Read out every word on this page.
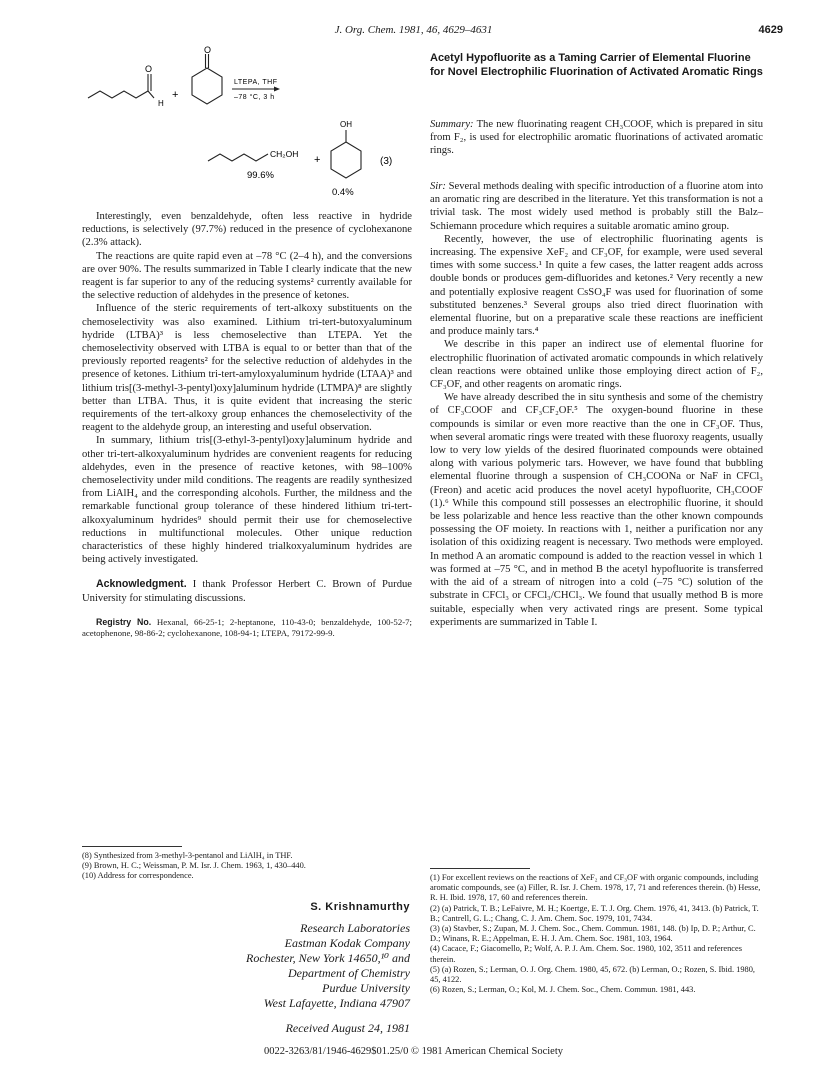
J. Org. Chem. 1981, 46, 4629–4631	4629
O
H
+
O
LTEPA, THF
–78 °C, 3 h
CH₂OH +
OH
(3)
99.6%
0.4%

Interestingly, even benzaldehyde, often less reactive in hydride reductions, is selectively (97.7%) reduced in the presence of cyclohexanone (2.3% attack).

The reactions are quite rapid even at –78 °C (2–4 h), and the conversions are over 90%. The results summarized in Table I clearly indicate that the new reagent is far superior to any of the reducing systems² currently available for the selective reduction of aldehydes in the presence of ketones.

Influence of the steric requirements of tert-alkoxy substituents on the chemoselectivity was also examined. Lithium tri-tert-butoxyaluminum hydride (LTBA)³ is less chemoselective than LTEPA. Yet the chemoselectivity observed with LTBA is equal to or better than that of the previously reported reagents² for the selective reduction of aldehydes in the presence of ketones. Lithium tri-tert-amyloxyaluminum hydride (LTAA)³ and lithium tris[(3-methyl-3-pentyl)oxy]aluminum hydride (LTMPA)⁸ are slightly better than LTBA. Thus, it is quite evident that increasing the steric requirements of the tert-alkoxy group enhances the chemoselectivity of the reagent to the aldehyde group, an interesting and useful observation.

In summary, lithium tris[(3-ethyl-3-pentyl)oxy]aluminum hydride and other tri-tert-alkoxyaluminum hydrides are convenient reagents for reducing aldehydes, even in the presence of reactive ketones, with 98–100% chemoselectivity under mild conditions. The reagents are readily synthesized from LiAlH₄ and the corresponding alcohols. Further, the mildness and the remarkable functional group tolerance of these hindered lithium tri-tert-alkoxyaluminum hydrides⁹ should permit their use for chemoselective reductions in multifunctional molecules. Other unique reduction characteristics of these highly hindered trialkoxyaluminum hydrides are being actively investigated.

Acknowledgment. I thank Professor Herbert C. Brown of Purdue University for stimulating discussions.

Registry No. Hexanal, 66-25-1; 2-heptanone, 110-43-0; benzaldehyde, 100-52-7; acetophenone, 98-86-2; cyclohexanone, 108-94-1; LTEPA, 79172-99-9.

(8) Synthesized from 3-methyl-3-pentanol and LiAlH₄ in THF.
(9) Brown, H. C.; Weissman, P. M. Isr. J. Chem. 1963, 1, 430–440.
(10) Address for correspondence.
S. Krishnamurthy
Research Laboratories
Eastman Kodak Company
Rochester, New York 14650,¹⁰ and
Department of Chemistry
Purdue University
West Lafayette, Indiana 47907
Received August 24, 1981
Acetyl Hypofluorite as a Taming Carrier of Elemental Fluorine for Novel Electrophilic Fluorination of Activated Aromatic Rings

Summary: The new fluorinating reagent CH₃COOF, which is prepared in situ from F₂, is used for electrophilic aromatic fluorinations of activated aromatic rings.

Sir: Several methods dealing with specific introduction of a fluorine atom into an aromatic ring are described in the literature. Yet this transformation is not a trivial task. The most widely used method is probably still the Balz–Schiemann procedure which requires a suitable aromatic amino group.

Recently, however, the use of electrophilic fluorinating agents is increasing. The expensive XeF₂ and CF₃OF, for example, were used several times with some success.¹ In quite a few cases, the latter reagent adds across double bonds or produces gem-difluorides and ketones.² Very recently a new and potentially explosive reagent CsSO₄F was used for fluorination of some substituted benzenes.³ Several groups also tried direct fluorination with elemental fluorine, but on a preparative scale these reactions are inefficient and produce mainly tars.⁴

We describe in this paper an indirect use of elemental fluorine for electrophilic fluorination of activated aromatic compounds in which relatively clean reactions were obtained unlike those employing direct action of F₂, CF₃OF, and other reagents on aromatic rings.

We have already described the in situ synthesis and some of the chemistry of CF₃COOF and CF₃CF₂OF.⁵ The oxygen-bound fluorine in these compounds is similar or even more reactive than the one in CF₃OF. Thus, when several aromatic rings were treated with these fluoroxy reagents, usually low to very low yields of the desired fluorinated compounds were obtained along with various polymeric tars. However, we have found that bubbling elemental fluorine through a suspension of CH₃COONa or NaF in CFCl₃ (Freon) and acetic acid produces the novel acetyl hypofluorite, CH₃COOF (1).⁶ While this compound still possesses an electrophilic fluorine, it should be less polarizable and hence less reactive than the other known compounds possessing the OF moiety. In reactions with 1, neither a purification nor any isolation of this oxidizing reagent is necessary. Two methods were employed. In method A an aromatic compound is added to the reaction vessel in which 1 was formed at –75 °C, and in method B the acetyl hypofluorite is transferred with the aid of a stream of nitrogen into a cold (–75 °C) solution of the substrate in CFCl₃ or CFCl₃/CHCl₃. We found that usually method B is more suitable, especially when very activated rings are present. Some typical experiments are summarized in Table I.

(1) For excellent reviews on the reactions of XeF₂ and CF₃OF with organic compounds, including aromatic compounds, see (a) Filler, R. Isr. J. Chem. 1978, 17, 71 and references therein. (b) Hesse, R. H. Ibid. 1978, 17, 60 and references therein.
(2) (a) Patrick, T. B.; LeFaivre, M. H.; Koertge, E. T. J. Org. Chem. 1976, 41, 3413. (b) Patrick, T. B.; Cantrell, G. L.; Chang, C. J. Am. Chem. Soc. 1979, 101, 7434.
(3) (a) Stavber, S.; Zupan, M. J. Chem. Soc., Chem. Commun. 1981, 148. (b) Ip, D. P.; Arthur, C. D.; Winans, R. E.; Appelman, E. H. J. Am. Chem. Soc. 1981, 103, 1964.
(4) Cacace, F.; Giacomello, P.; Wolf, A. P. J. Am. Chem. Soc. 1980, 102, 3511 and references therein.
(5) (a) Rozen, S.; Lerman, O. J. Org. Chem. 1980, 45, 672. (b) Lerman, O.; Rozen, S. Ibid. 1980, 45, 4122.
(6) Rozen, S.; Lerman, O.; Kol, M. J. Chem. Soc., Chem. Commun. 1981, 443.
0022-3263/81/1946-4629$01.25/0 © 1981 American Chemical Society
